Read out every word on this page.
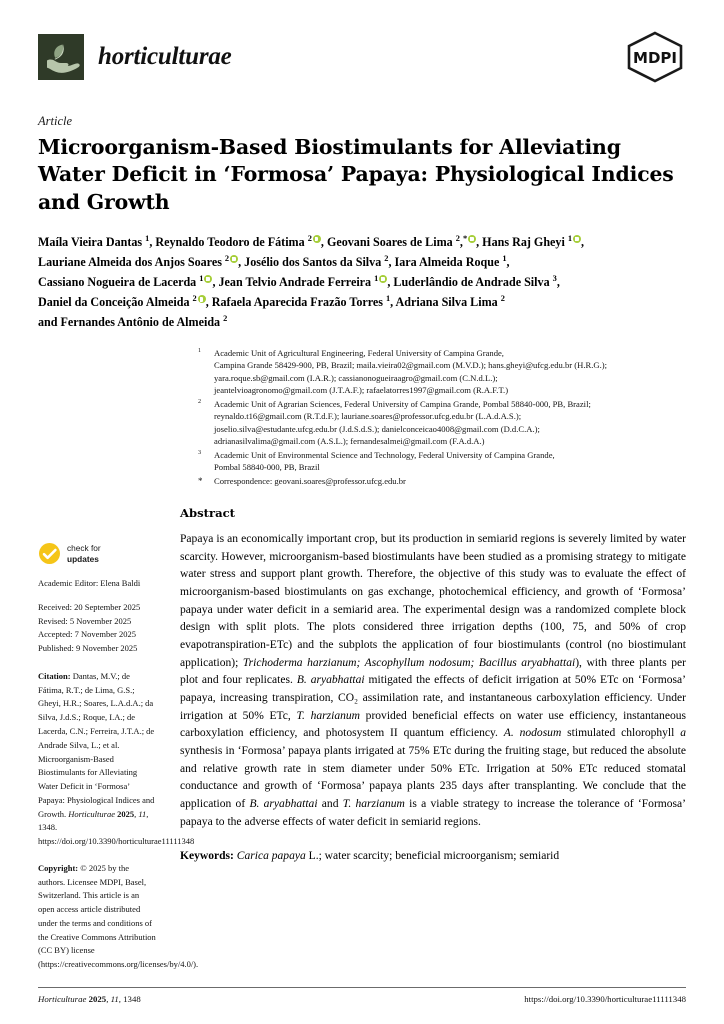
horticulturae	MDPI
Article
Microorganism-Based Biostimulants for Alleviating Water Deficit in ‘Formosa’ Papaya: Physiological Indices and Growth
Maíla Vieira Dantas $^1$, Reynaldo Teodoro de Fátima $^2$ , Geovani Soares de Lima $^2$,* , Hans Raj Gheyi $^1$ ,
Lauriane Almeida dos Anjos Soares $^2$ , Josélio dos Santos da Silva $^2$, Iara Almeida Roque $^1$,
Cassiano Nogueira de Lacerda $^1$ , Jean Telvio Andrade Ferreira $^1$ , Luderlândio de Andrade Silva $^3$,
Daniel da Conceição Almeida $^2$ , Rafaela Aparecida Frazão Torres $^1$, Adriana Silva Lima $^2$
and Fernandes Antônio de Almeida $^2$
$^1$	Academic Unit of Agricultural Engineering, Federal University of Campina Grande,
Campina Grande 58429-900, PB, Brazil; maila.vieira02@gmail.com (M.V.D.); hans.gheyi@ufcg.edu.br (H.R.G.);
yara.roque.sb@gmail.com (I.A.R.); cassianonogueiraagro@gmail.com (C.N.d.L.);
jeantelvioagronomo@gmail.com (J.T.A.F.); rafaelatorres1997@gmail.com (R.A.F.T.)
$^2$	Academic Unit of Agrarian Sciences, Federal University of Campina Grande, Pombal 58840-000, PB, Brazil;
reynaldo.t16@gmail.com (R.T.d.F.); lauriane.soares@professor.ufcg.edu.br (L.A.d.A.S.);
joselio.silva@estudante.ufcg.edu.br (J.d.S.d.S.); danielconceicao4008@gmail.com (D.d.C.A.);
adrianasilvalima@gmail.com (A.S.L.); fernandesalmei@gmail.com (F.A.d.A.)
$^3$	Academic Unit of Environmental Science and Technology, Federal University of Campina Grande,
Pombal 58840-000, PB, Brazil
*	Correspondence: geovani.soares@professor.ufcg.edu.br
check for
updates
Academic Editor: Elena Baldi
Received: 20 September 2025
Revised: 5 November 2025
Accepted: 7 November 2025
Published: 9 November 2025
Citation: Dantas, M.V.; de Fátima, R.T.; de Lima, G.S.; Gheyi, H.R.; Soares, L.A.d.A.; da Silva, J.d.S.; Roque, I.A.; de Lacerda, C.N.; Ferreira, J.T.A.; de Andrade Silva, L.; et al. Microorganism-Based Biostimulants for Alleviating Water Deficit in ‘Formosa’ Papaya: Physiological Indices and Growth. Horticulturae 2025, 11, 1348.
https://doi.org/10.3390/horticulturae11111348
Copyright: © 2025 by the authors. Licensee MDPI, Basel, Switzerland. This article is an open access article distributed under the terms and conditions of the Creative Commons Attribution (CC BY) license (https://creativecommons.org/licenses/by/4.0/).
Abstract
Papaya is an economically important crop, but its production in semiarid regions is severely limited by water scarcity. However, microorganism-based biostimulants have been studied as a promising strategy to mitigate water stress and support plant growth. Therefore, the objective of this study was to evaluate the effect of microorganism-based biostimulants on gas exchange, photochemical efficiency, and growth of ‘Formosa’ papaya under water deficit in a semiarid area. The experimental design was a randomized complete block design with split plots. The plots considered three irrigation depths (100, 75, and 50% of crop evapotranspiration-ETc) and the subplots the application of four biostimulants (control (no biostimulant application); Trichoderma harzianum; Ascophyllum nodosum; Bacillus aryabhattai), with three plants per plot and four replicates. B. aryabhattai mitigated the effects of deficit irrigation at 50% ETc on ‘Formosa’ papaya, increasing transpiration, CO₂ assimilation rate, and instantaneous carboxylation efficiency. Under irrigation at 50% ETc, T. harzianum provided beneficial effects on water use efficiency, instantaneous carboxylation efficiency, and photosystem II quantum efficiency. A. nodosum stimulated chlorophyll a synthesis in ‘Formosa’ papaya plants irrigated at 75% ETc during the fruiting stage, but reduced the absolute and relative growth rate in stem diameter under 50% ETc. Irrigation at 50% ETc reduced stomatal conductance and growth of ‘Formosa’ papaya plants 235 days after transplanting. We conclude that the application of B. aryabhattai and T. harzianum is a viable strategy to increase the tolerance of ‘Formosa’ papaya to the adverse effects of water deficit in semiarid regions.
Keywords: Carica papaya L.; water scarcity; beneficial microorganism; semiarid
Horticulturae 2025, 11, 1348	https://doi.org/10.3390/horticulturae11111348
